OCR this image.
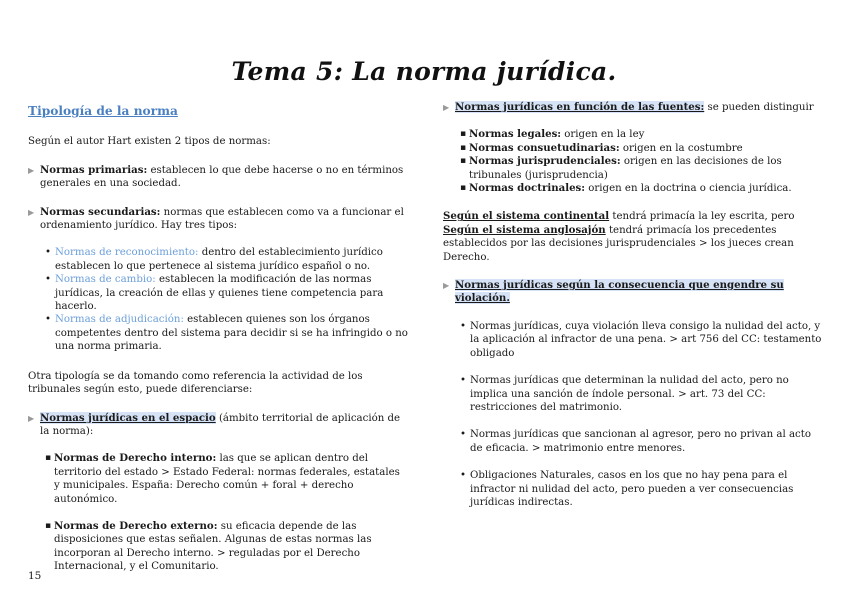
Tema 5: La norma jurídica.

Tipología de la norma

Según el autor Hart existen 2 tipos de normas:

▶ Normas primarias: establecen lo que debe hacerse o no en términos generales en una sociedad.

▶ Normas secundarias: normas que establecen como va a funcionar el ordenamiento jurídico. Hay tres tipos:

• Normas de reconocimiento: dentro del establecimiento jurídico establecen lo que pertenece al sistema jurídico español o no.

• Normas de cambio: establecen la modificación de las normas jurídicas, la creación de ellas y quienes tiene competencia para hacerlo.

• Normas de adjudicación: establecen quienes son los órganos competentes dentro del sistema para decidir si se ha infringido o no una norma primaria.

Otra tipología se da tomando como referencia la actividad de los tribunales según esto, puede diferenciarse:

▶ Normas jurídicas en el espacio (ámbito territorial de aplicación de la norma):

▪ Normas de Derecho interno: las que se aplican dentro del territorio del estado > Estado Federal: normas federales, estatales y municipales. España: Derecho común + foral + derecho autonómico.

▪ Normas de Derecho externo: su eficacia depende de las disposiciones que estas señalen. Algunas de estas normas las incorporan al Derecho interno. > reguladas por el Derecho Internacional, y el Comunitario.

▶ Normas jurídicas en función de las fuentes: se pueden distinguir

▪ Normas legales: origen en la ley

▪ Normas consuetudinarias: origen en la costumbre

▪ Normas jurisprudenciales: origen en las decisiones de los tribunales (jurisprudencia)

▪ Normas doctrinales: origen en la doctrina o ciencia jurídica.

Según el sistema continental tendrá primacía la ley escrita, pero
Según el sistema anglosajón tendrá primacía los precedentes establecidos por las decisiones jurisprudenciales > los jueces crean Derecho.

▶ Normas jurídicas según la consecuencia que engendre su violación.

• Normas jurídicas, cuya violación lleva consigo la nulidad del acto, y la aplicación al infractor de una pena. > art 756 del CC: testamento obligado

• Normas jurídicas que determinan la nulidad del acto, pero no implica una sanción de índole personal. > art. 73 del CC: restricciones del matrimonio.

• Normas jurídicas que sancionan al agresor, pero no privan al acto de eficacia. > matrimonio entre menores.

• Obligaciones Naturales, casos en los que no hay pena para el infractor ni nulidad del acto, pero pueden a ver consecuencias jurídicas indirectas.

15
